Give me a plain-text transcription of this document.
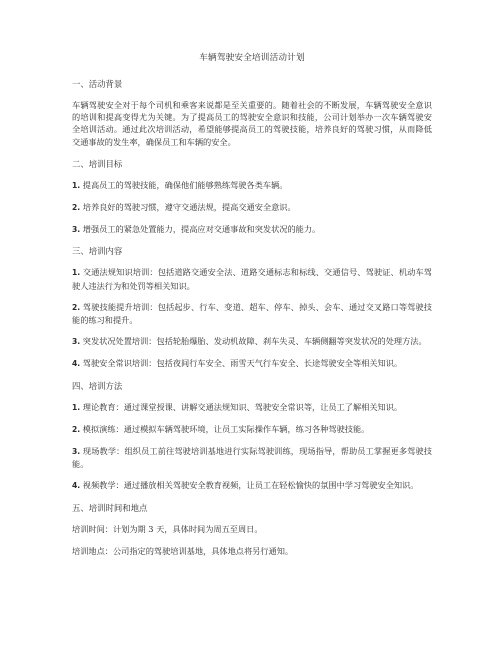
车辆驾驶安全培训活动计划
一、活动背景
车辆驾驶安全对于每个司机和乘客来说都是至关重要的。随着社会的不断发展，车辆驾驶安全意识的培训和提高变得尤为关键。为了提高员工的驾驶安全意识和技能，公司计划举办一次车辆驾驶安全培训活动。通过此次培训活动，希望能够提高员工的驾驶技能，培养良好的驾驶习惯，从而降低交通事故的发生率，确保员工和车辆的安全。
二、培训目标
1. 提高员工的驾驶技能，确保他们能够熟练驾驶各类车辆。
2. 培养良好的驾驶习惯，遵守交通法规，提高交通安全意识。
3. 增强员工的紧急处置能力，提高应对交通事故和突发状况的能力。
三、培训内容
1. 交通法规知识培训：包括道路交通安全法、道路交通标志和标线、交通信号、驾驶证、机动车驾驶人违法行为和处罚等相关知识。
2. 驾驶技能提升培训：包括起步、行车、变道、超车、停车、掉头、会车、通过交叉路口等驾驶技能的练习和提升。
3. 突发状况处置培训：包括轮胎爆胎、发动机故障、刹车失灵、车辆侧翻等突发状况的处理方法。
4. 驾驶安全常识培训：包括夜间行车安全、雨雪天气行车安全、长途驾驶安全等相关知识。
四、培训方法
1. 理论教育：通过课堂授课、讲解交通法规知识、驾驶安全常识等，让员工了解相关知识。
2. 模拟演练：通过模拟车辆驾驶环境，让员工实际操作车辆，练习各种驾驶技能。
3. 现场教学：组织员工前往驾驶培训基地进行实际驾驶训练，现场指导，帮助员工掌握更多驾驶技能。
4. 视频教学：通过播放相关驾驶安全教育视频，让员工在轻松愉快的氛围中学习驾驶安全知识。
五、培训时间和地点
培训时间：计划为期 3 天，具体时间为周五至周日。
培训地点：公司指定的驾驶培训基地，具体地点将另行通知。
